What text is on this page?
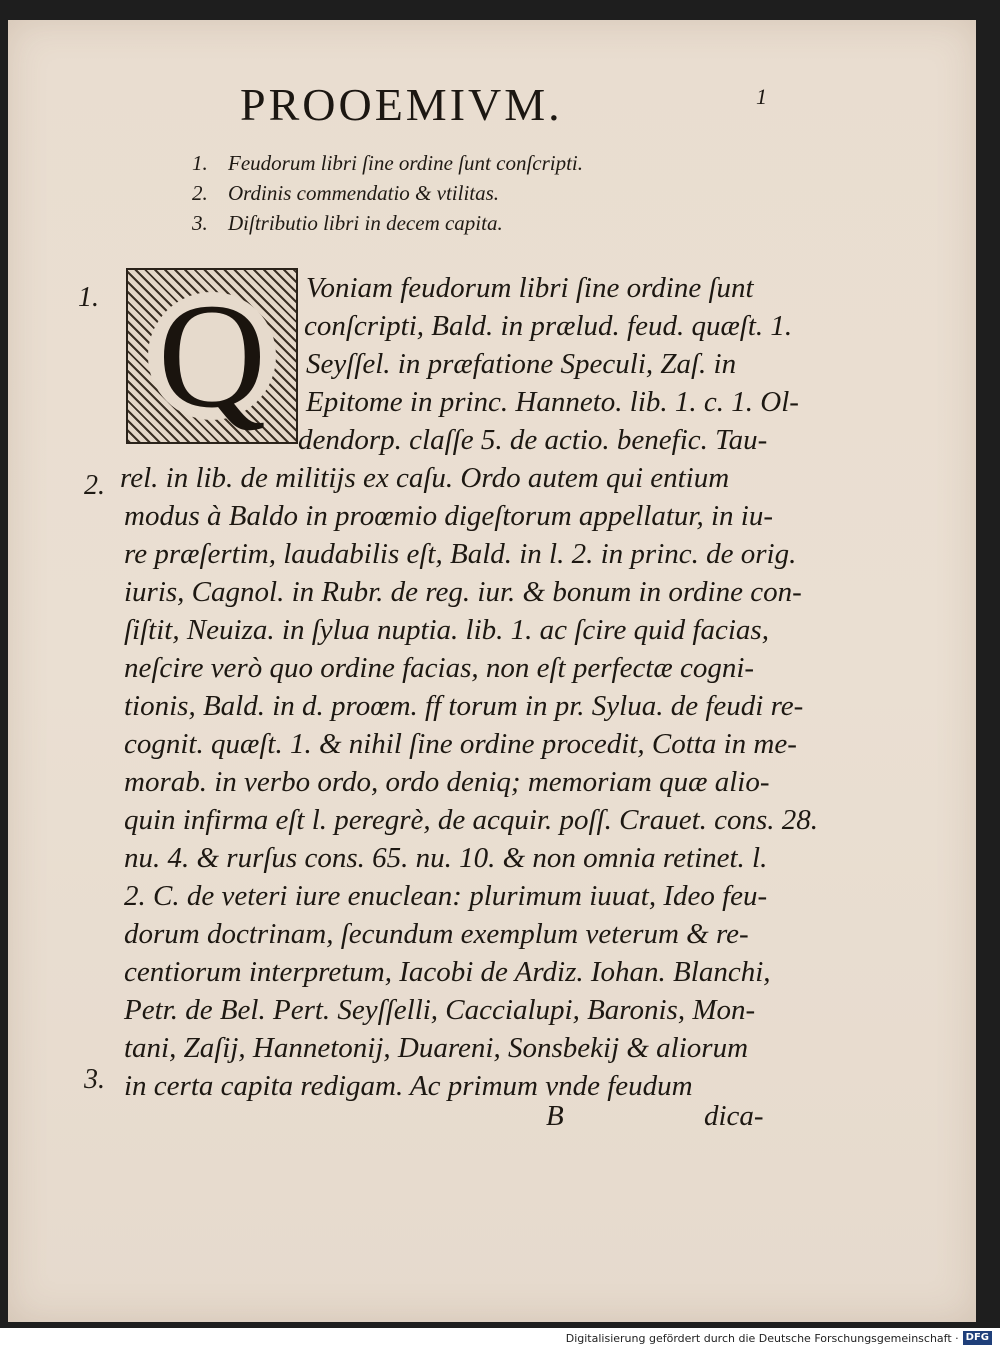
PROOEMIVM.	1
1. Feudorum libri ſine ordine ſunt conſcripti.
2. Ordinis commendatio & vtilitas.
3. Diſtributio libri in decem capita.
1.
2.
3.
Q	Voniam feudorum libri ſine ordine ſunt
conſcripti, Bald. in prælud. feud. quæſt. 1.
Seyſſel. in præfatione Speculi, Zaſ. in
Epitome in princ. Hanneto. lib. 1. c. 1. Ol-
dendorp. claſſe 5. de actio. benefic. Tau-
rel. in lib. de militijs ex caſu. Ordo autem qui entium
modus à Baldo in proœmio digeſtorum appellatur, in iu-
re præſertim, laudabilis eſt, Bald. in l. 2. in princ. de orig.
iuris, Cagnol. in Rubr. de reg. iur. & bonum in ordine con-
ſiſtit, Neuiza. in ſylua nuptia. lib. 1. ac ſcire quid facias,
neſcire verò quo ordine facias, non eſt perfectæ cogni-
tionis, Bald. in d. proœm. ff torum in pr. Sylua. de feudi re-
cognit. quæſt. 1. & nihil ſine ordine procedit, Cotta in me-
morab. in verbo ordo, ordo deniq; memoriam quæ alio-
quin infirma eſt l. peregrè, de acquir. poſſ. Crauet. cons. 28.
nu. 4. & rurſus cons. 65. nu. 10. & non omnia retinet. l.
2. C. de veteri iure enuclean: plurimum iuuat, Ideo feu-
dorum doctrinam, ſecundum exemplum veterum & re-
centiorum interpretum, Iacobi de Ardiz. Iohan. Blanchi,
Petr. de Bel. Pert. Seyſſelli, Caccialupi, Baronis, Mon-
tani, Zaſij, Hannetonij, Duareni, Sonsbekij & aliorum
in certa capita redigam. Ac primum vnde feudum
B	dica-
Digitalisierung gefördert durch die Deutsche Forschungsgemeinschaft · DFG
